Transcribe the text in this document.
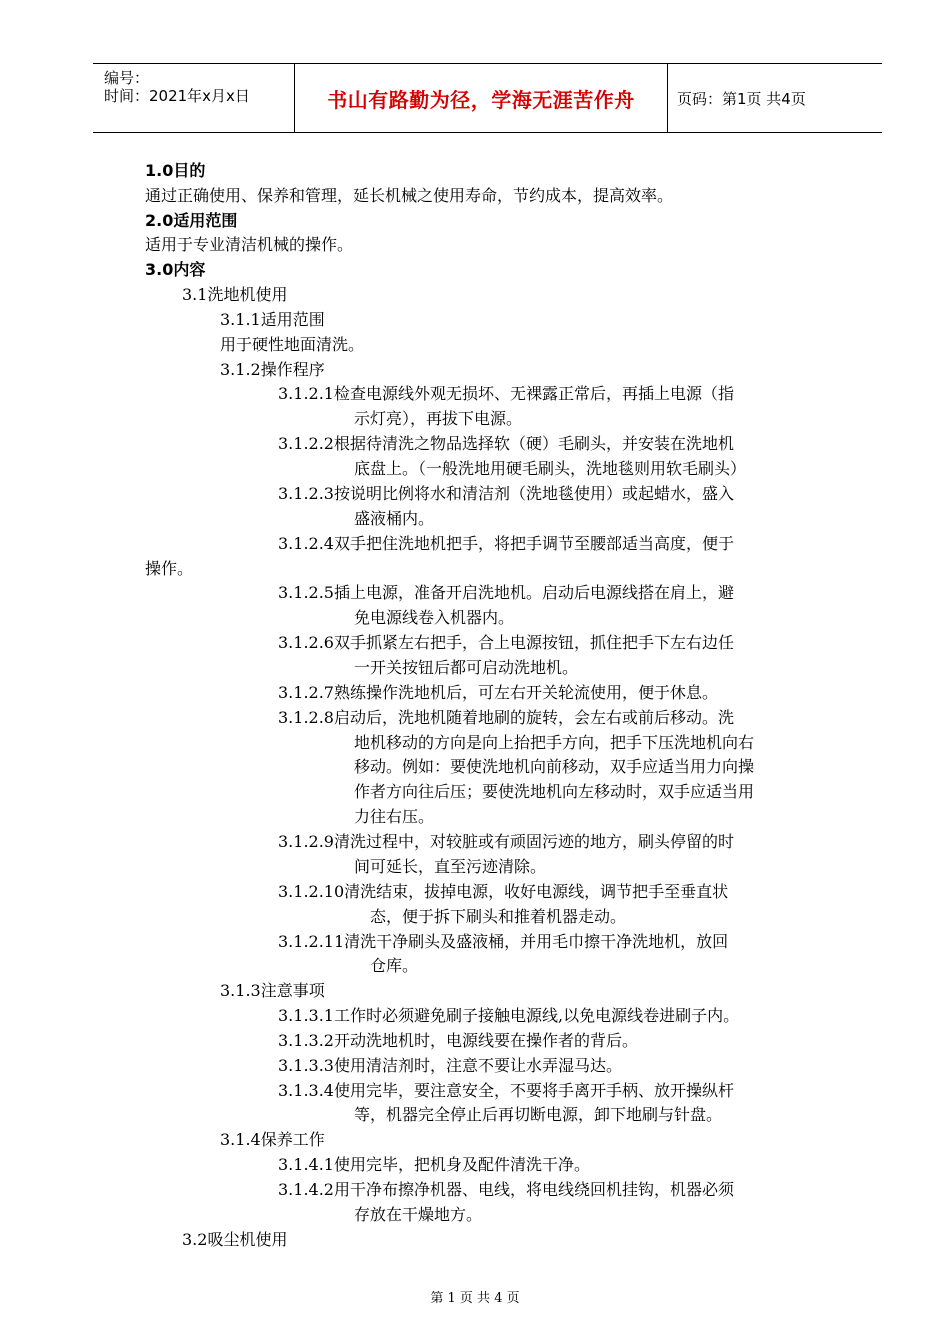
编号：
时间：2021年x月x日	书山有路勤为径，学海无涯苦作舟	页码：第1页 共4页
1.0目的
通过正确使用、保养和管理，延长机械之使用寿命，节约成本，提高效率。
2.0适用范围
适用于专业清洁机械的操作。
3.0内容
3.1洗地机使用
3.1.1适用范围
用于硬性地面清洗。
3.1.2操作程序
3.1.2.1检查电源线外观无损坏、无裸露正常后，再插上电源（指
示灯亮），再拔下电源。
3.1.2.2根据待清洗之物品选择软（硬）毛刷头，并安装在洗地机
底盘上。（一般洗地用硬毛刷头，洗地毯则用软毛刷头）
3.1.2.3按说明比例将水和清洁剂（洗地毯使用）或起蜡水，盛入
盛液桶内。
3.1.2.4双手把住洗地机把手，将把手调节至腰部适当高度，便于
操作。
3.1.2.5插上电源，准备开启洗地机。启动后电源线搭在肩上，避
免电源线卷入机器内。
3.1.2.6双手抓紧左右把手，合上电源按钮，抓住把手下左右边任
一开关按钮后都可启动洗地机。
3.1.2.7熟练操作洗地机后，可左右开关轮流使用，便于休息。
3.1.2.8启动后，洗地机随着地刷的旋转，会左右或前后移动。洗
地机移动的方向是向上抬把手方向，把手下压洗地机向右
移动。例如：要使洗地机向前移动，双手应适当用力向操
作者方向往后压；要使洗地机向左移动时，双手应适当用
力往右压。
3.1.2.9清洗过程中，对较脏或有顽固污迹的地方，刷头停留的时
间可延长，直至污迹清除。
3.1.2.10清洗结束，拔掉电源，收好电源线，调节把手至垂直状
态，便于拆下刷头和推着机器走动。
3.1.2.11清洗干净刷头及盛液桶，并用毛巾擦干净洗地机，放回
仓库。
3.1.3注意事项
3.1.3.1工作时必须避免刷子接触电源线,以免电源线卷进刷子内。
3.1.3.2开动洗地机时，电源线要在操作者的背后。
3.1.3.3使用清洁剂时，注意不要让水弄湿马达。
3.1.3.4使用完毕，要注意安全，不要将手离开手柄、放开操纵杆
等，机器完全停止后再切断电源，卸下地刷与针盘。
3.1.4保养工作
3.1.4.1使用完毕，把机身及配件清洗干净。
3.1.4.2用干净布擦净机器、电线，将电线绕回机挂钩，机器必须
存放在干燥地方。
3.2吸尘机使用
第 1 页 共 4 页
